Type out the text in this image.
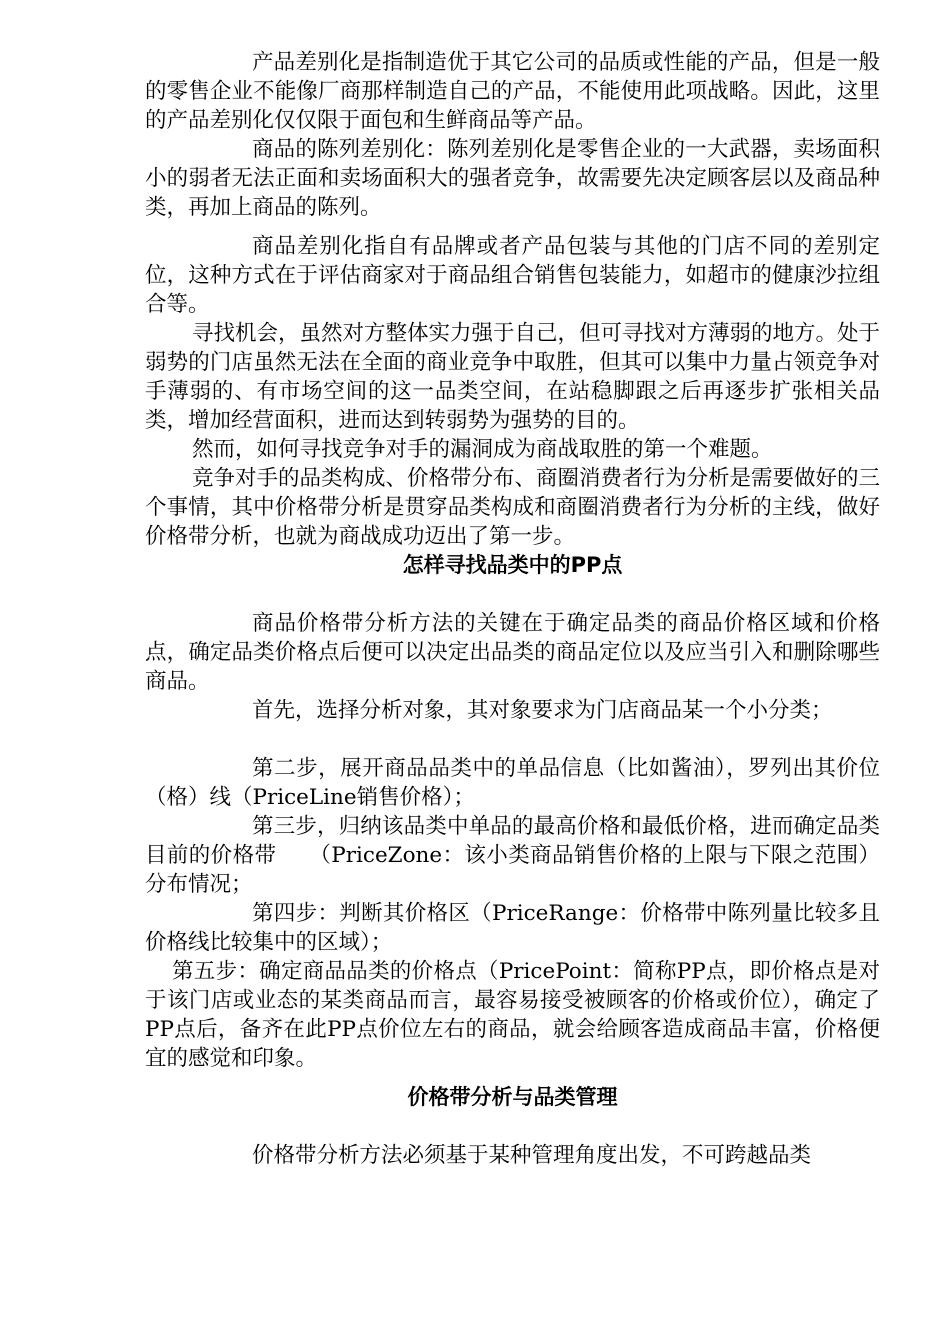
产品差别化是指制造优于其它公司的品质或性能的产品，但是一般的零售企业不能像厂商那样制造自己的产品，不能使用此项战略。因此，这里的产品差别化仅仅限于面包和生鲜商品等产品。

商品的陈列差别化：陈列差别化是零售企业的一大武器，卖场面积小的弱者无法正面和卖场面积大的强者竞争，故需要先决定顾客层以及商品种类，再加上商品的陈列。

商品差别化指自有品牌或者产品包装与其他的门店不同的差别定位，这种方式在于评估商家对于商品组合销售包装能力，如超市的健康沙拉组合等。

寻找机会，虽然对方整体实力强于自己，但可寻找对方薄弱的地方。处于弱势的门店虽然无法在全面的商业竞争中取胜，但其可以集中力量占领竞争对手薄弱的、有市场空间的这一品类空间，在站稳脚跟之后再逐步扩张相关品类，增加经营面积，进而达到转弱势为强势的目的。

然而，如何寻找竞争对手的漏洞成为商战取胜的第一个难题。

竞争对手的品类构成、价格带分布、商圈消费者行为分析是需要做好的三个事情，其中价格带分析是贯穿品类构成和商圈消费者行为分析的主线，做好价格带分析，也就为商战成功迈出了第一步。

怎样寻找品类中的PP点

商品价格带分析方法的关键在于确定品类的商品价格区域和价格点，确定品类价格点后便可以决定出品类的商品定位以及应当引入和删除哪些商品。

首先，选择分析对象，其对象要求为门店商品某一个小分类；

第二步，展开商品品类中的单品信息（比如酱油），罗列出其价位（格）线（PriceLine销售价格）；

第三步，归纳该品类中单品的最高价格和最低价格，进而确定品类目前的价格带　　（PriceZone：该小类商品销售价格的上限与下限之范围）分布情况；

第四步：判断其价格区（PriceRange：价格带中陈列量比较多且价格线比较集中的区域）；

第五步：确定商品品类的价格点（PricePoint：简称PP点，即价格点是对于该门店或业态的某类商品而言，最容易接受被顾客的价格或价位），确定了PP点后，备齐在此PP点价位左右的商品，就会给顾客造成商品丰富，价格便宜的感觉和印象。

价格带分析与品类管理

价格带分析方法必须基于某种管理角度出发，不可跨越品类
